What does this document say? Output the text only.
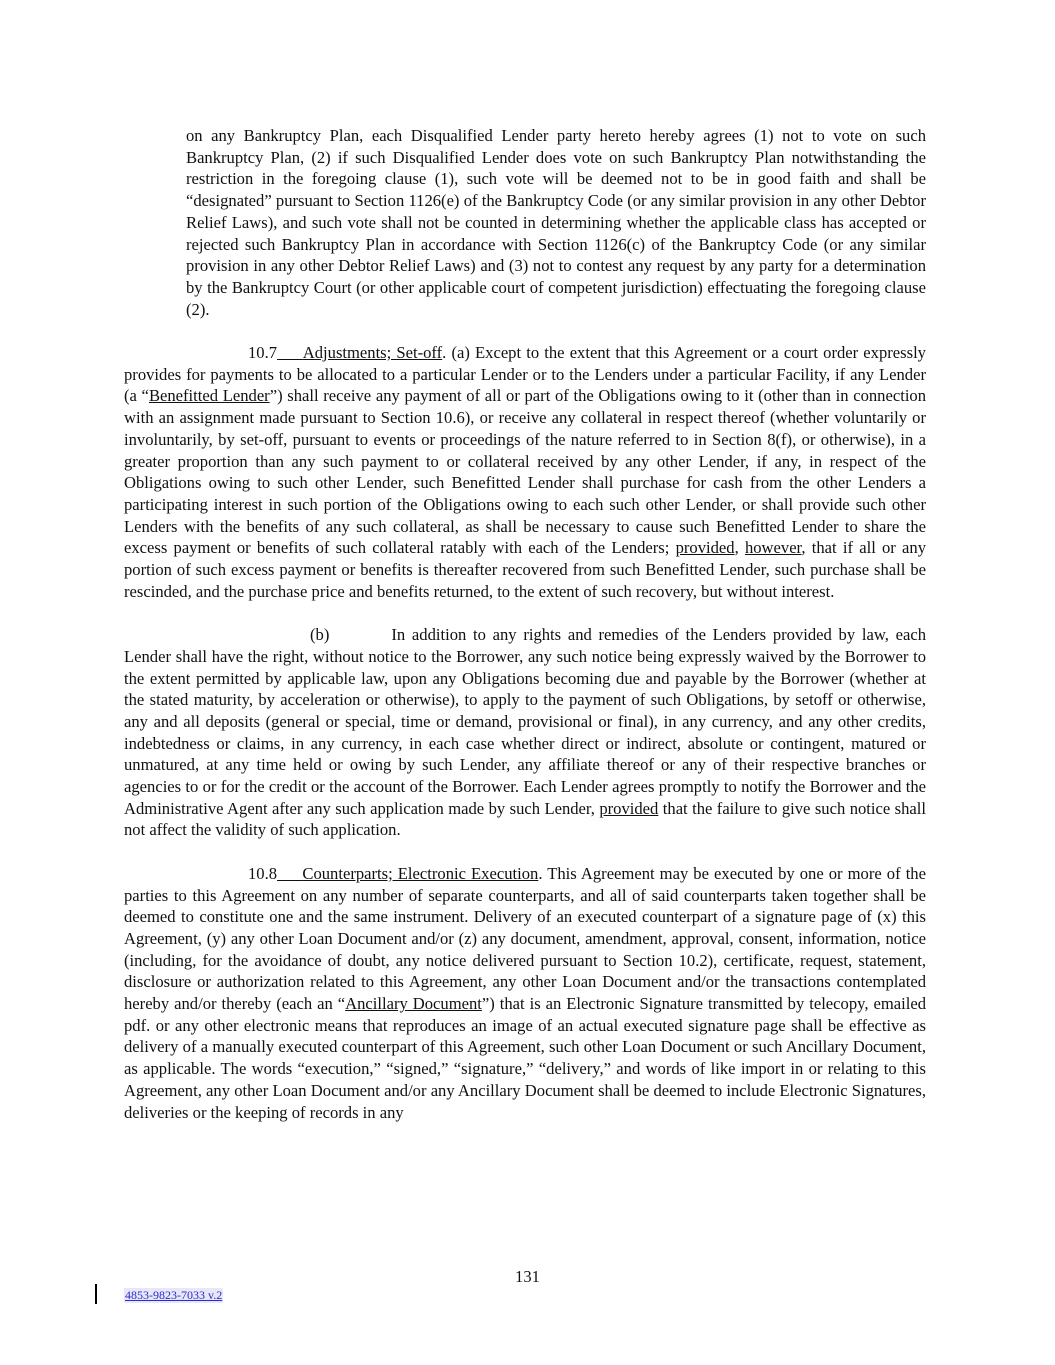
on any Bankruptcy Plan, each Disqualified Lender party hereto hereby agrees (1) not to vote on such Bankruptcy Plan, (2) if such Disqualified Lender does vote on such Bankruptcy Plan notwithstanding the restriction in the foregoing clause (1), such vote will be deemed not to be in good faith and shall be “designated” pursuant to Section 1126(e) of the Bankruptcy Code (or any similar provision in any other Debtor Relief Laws), and such vote shall not be counted in determining whether the applicable class has accepted or rejected such Bankruptcy Plan in accordance with Section 1126(c) of the Bankruptcy Code (or any similar provision in any other Debtor Relief Laws) and (3) not to contest any request by any party for a determination by the Bankruptcy Court (or other applicable court of competent jurisdiction) effectuating the foregoing clause (2).

10.7 Adjustments; Set-off. (a) Except to the extent that this Agreement or a court order expressly provides for payments to be allocated to a particular Lender or to the Lenders under a particular Facility, if any Lender (a “Benefitted Lender”) shall receive any payment of all or part of the Obligations owing to it (other than in connection with an assignment made pursuant to Section 10.6), or receive any collateral in respect thereof (whether voluntarily or involuntarily, by set-off, pursuant to events or proceedings of the nature referred to in Section 8(f), or otherwise), in a greater proportion than any such payment to or collateral received by any other Lender, if any, in respect of the Obligations owing to such other Lender, such Benefitted Lender shall purchase for cash from the other Lenders a participating interest in such portion of the Obligations owing to each such other Lender, or shall provide such other Lenders with the benefits of any such collateral, as shall be necessary to cause such Benefitted Lender to share the excess payment or benefits of such collateral ratably with each of the Lenders; provided, however, that if all or any portion of such excess payment or benefits is thereafter recovered from such Benefitted Lender, such purchase shall be rescinded, and the purchase price and benefits returned, to the extent of such recovery, but without interest.

(b)	In addition to any rights and remedies of the Lenders provided by law, each Lender shall have the right, without notice to the Borrower, any such notice being expressly waived by the Borrower to the extent permitted by applicable law, upon any Obligations becoming due and payable by the Borrower (whether at the stated maturity, by acceleration or otherwise), to apply to the payment of such Obligations, by setoff or otherwise, any and all deposits (general or special, time or demand, provisional or final), in any currency, and any other credits, indebtedness or claims, in any currency, in each case whether direct or indirect, absolute or contingent, matured or unmatured, at any time held or owing by such Lender, any affiliate thereof or any of their respective branches or agencies to or for the credit or the account of the Borrower. Each Lender agrees promptly to notify the Borrower and the Administrative Agent after any such application made by such Lender, provided that the failure to give such notice shall not affect the validity of such application.

10.8 Counterparts; Electronic Execution. This Agreement may be executed by one or more of the parties to this Agreement on any number of separate counterparts, and all of said counterparts taken together shall be deemed to constitute one and the same instrument. Delivery of an executed counterpart of a signature page of (x) this Agreement, (y) any other Loan Document and/or (z) any document, amendment, approval, consent, information, notice (including, for the avoidance of doubt, any notice delivered pursuant to Section 10.2), certificate, request, statement, disclosure or authorization related to this Agreement, any other Loan Document and/or the transactions contemplated hereby and/or thereby (each an “Ancillary Document”) that is an Electronic Signature transmitted by telecopy, emailed pdf. or any other electronic means that reproduces an image of an actual executed signature page shall be effective as delivery of a manually executed counterpart of this Agreement, such other Loan Document or such Ancillary Document, as applicable. The words “execution,” “signed,” “signature,” “delivery,” and words of like import in or relating to this Agreement, any other Loan Document and/or any Ancillary Document shall be deemed to include Electronic Signatures, deliveries or the keeping of records in any

131
4853-9823-7033 v.2
